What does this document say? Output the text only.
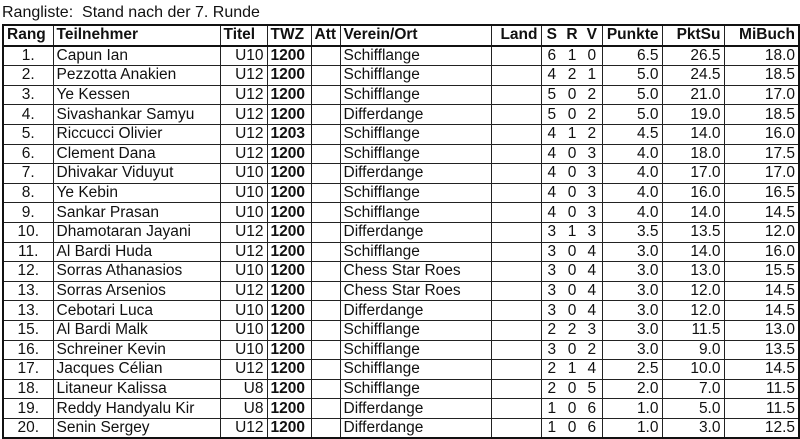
Rangliste:  Stand nach der 7. Runde
Rang	Teilnehmer	Titel	TWZ	Att	Verein/Ort	Land	S	R	V	Punkte	PktSu	MiBuch
1.	Capun Ian	U10	1200		Schifflange		6	1	0	6.5	26.5	18.0
2.	Pezzotta Anakien	U12	1200		Schifflange		4	2	1	5.0	24.5	18.5
3.	Ye Kessen	U12	1200		Schifflange		5	0	2	5.0	21.0	17.0
4.	Sivashankar Samyu	U12	1200		Differdange		5	0	2	5.0	19.0	18.5
5.	Riccucci Olivier	U12	1203		Schifflange		4	1	2	4.5	14.0	16.0
6.	Clement Dana	U12	1200		Schifflange		4	0	3	4.0	18.0	17.5
7.	Dhivakar Viduyut	U10	1200		Differdange		4	0	3	4.0	17.0	17.0
8.	Ye Kebin	U10	1200		Schifflange		4	0	3	4.0	16.0	16.5
9.	Sankar Prasan	U10	1200		Schifflange		4	0	3	4.0	14.0	14.5
10.	Dhamotaran Jayani	U12	1200		Differdange		3	1	3	3.5	13.5	12.0
11.	Al Bardi Huda	U12	1200		Schifflange		3	0	4	3.0	14.0	16.0
12.	Sorras Athanasios	U10	1200		Chess Star Roes		3	0	4	3.0	13.0	15.5
13.	Sorras Arsenios	U12	1200		Chess Star Roes		3	0	4	3.0	12.0	14.5
13.	Cebotari Luca	U10	1200		Differdange		3	0	4	3.0	12.0	14.5
15.	Al Bardi Malk	U10	1200		Schifflange		2	2	3	3.0	11.5	13.0
16.	Schreiner Kevin	U10	1200		Schifflange		3	0	2	3.0	9.0	13.5
17.	Jacques Célian	U12	1200		Schifflange		2	1	4	2.5	10.0	14.5
18.	Litaneur Kalissa	U8	1200		Schifflange		2	0	5	2.0	7.0	11.5
19.	Reddy Handyalu Kir	U8	1200		Differdange		1	0	6	1.0	5.0	11.5
20.	Senin Sergey	U12	1200		Differdange		1	0	6	1.0	3.0	12.5
